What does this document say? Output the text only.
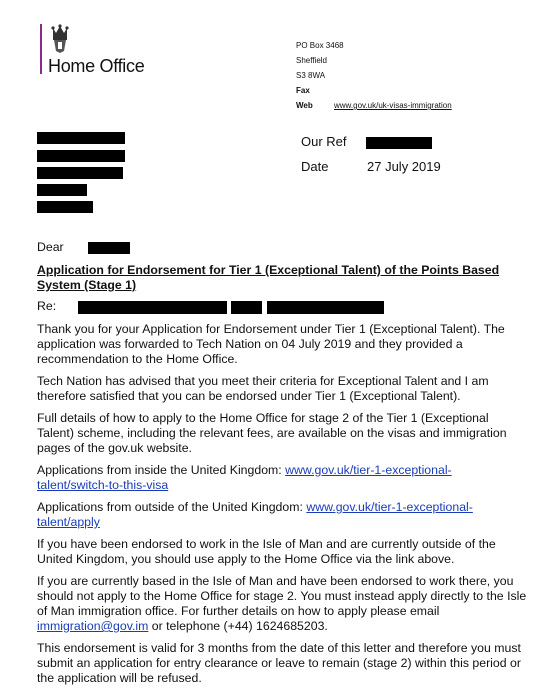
Home Office
PO Box 3468
Sheffield
S3 8WA
Fax
Web	www.gov.uk/uk-visas-immigration
Our Ref
Date	27 July 2019
Dear
Application for Endorsement for Tier 1 (Exceptional Talent) of the Points Based System (Stage 1)
Re:
Thank you for your Application for Endorsement under Tier 1 (Exceptional Talent). The application was forwarded to Tech Nation on 04 July 2019 and they provided a recommendation to the Home Office.
Tech Nation has advised that you meet their criteria for Exceptional Talent and I am therefore satisfied that you can be endorsed under Tier 1 (Exceptional Talent).
Full details of how to apply to the Home Office for stage 2 of the Tier 1 (Exceptional Talent) scheme, including the relevant fees, are available on the visas and immigration pages of the gov.uk website.
Applications from inside the United Kingdom: www.gov.uk/tier-1-exceptional-talent/switch-to-this-visa
Applications from outside of the United Kingdom: www.gov.uk/tier-1-exceptional-talent/apply
If you have been endorsed to work in the Isle of Man and are currently outside of the United Kingdom, you should use apply to the Home Office via the link above.
If you are currently based in the Isle of Man and have been endorsed to work there, you should not apply to the Home Office for stage 2. You must instead apply directly to the Isle of Man immigration office. For further details on how to apply please email immigration@gov.im or telephone (+44) 1624685203.
This endorsement is valid for 3 months from the date of this letter and therefore you must submit an application for entry clearance or leave to remain (stage 2) within this period or the application will be refused.
